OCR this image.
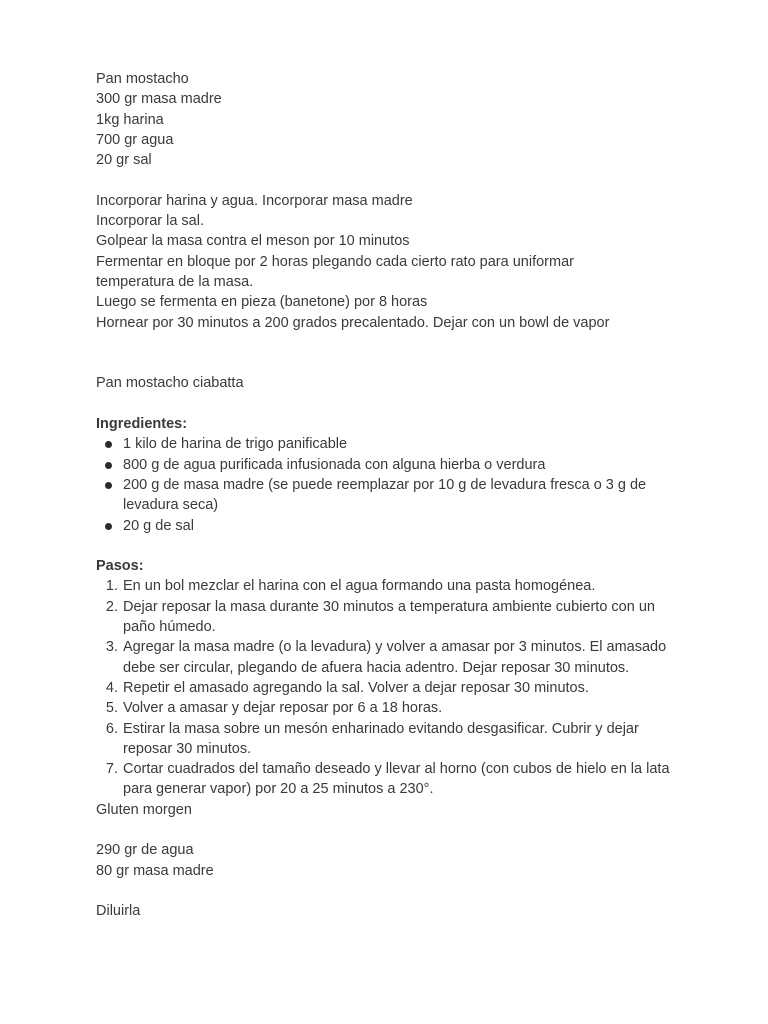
Pan mostacho
300 gr masa madre
1kg harina
700 gr agua
20 gr sal
Incorporar harina y agua. Incorporar masa madre
Incorporar la sal.
Golpear la masa contra el meson por 10 minutos
Fermentar en bloque por 2 horas plegando cada cierto rato para uniformar temperatura de la masa.
Luego se fermenta en pieza (banetone) por 8 horas
Hornear por 30 minutos a 200 grados precalentado. Dejar con un bowl de vapor
Pan mostacho ciabatta
Ingredientes:
1 kilo de harina de trigo panificable
800 g de agua purificada infusionada con alguna hierba o verdura
200 g de masa madre (se puede reemplazar por 10 g de levadura fresca o 3 g de levadura seca)
20 g de sal
Pasos:
1. En un bol mezclar el harina con el agua formando una pasta homogénea.
2. Dejar reposar la masa durante 30 minutos a temperatura ambiente cubierto con un paño húmedo.
3. Agregar la masa madre (o la levadura) y volver a amasar por 3 minutos. El amasado debe ser circular, plegando de afuera hacia adentro. Dejar reposar 30 minutos.
4. Repetir el amasado agregando la sal. Volver a dejar reposar 30 minutos.
5. Volver a amasar y dejar reposar por 6 a 18 horas.
6. Estirar la masa sobre un mesón enharinado evitando desgasificar. Cubrir y dejar reposar 30 minutos.
7. Cortar cuadrados del tamaño deseado y llevar al horno (con cubos de hielo en la lata para generar vapor) por 20 a 25 minutos a 230°.
Gluten morgen
290 gr de agua
80 gr masa madre
Diluirla
